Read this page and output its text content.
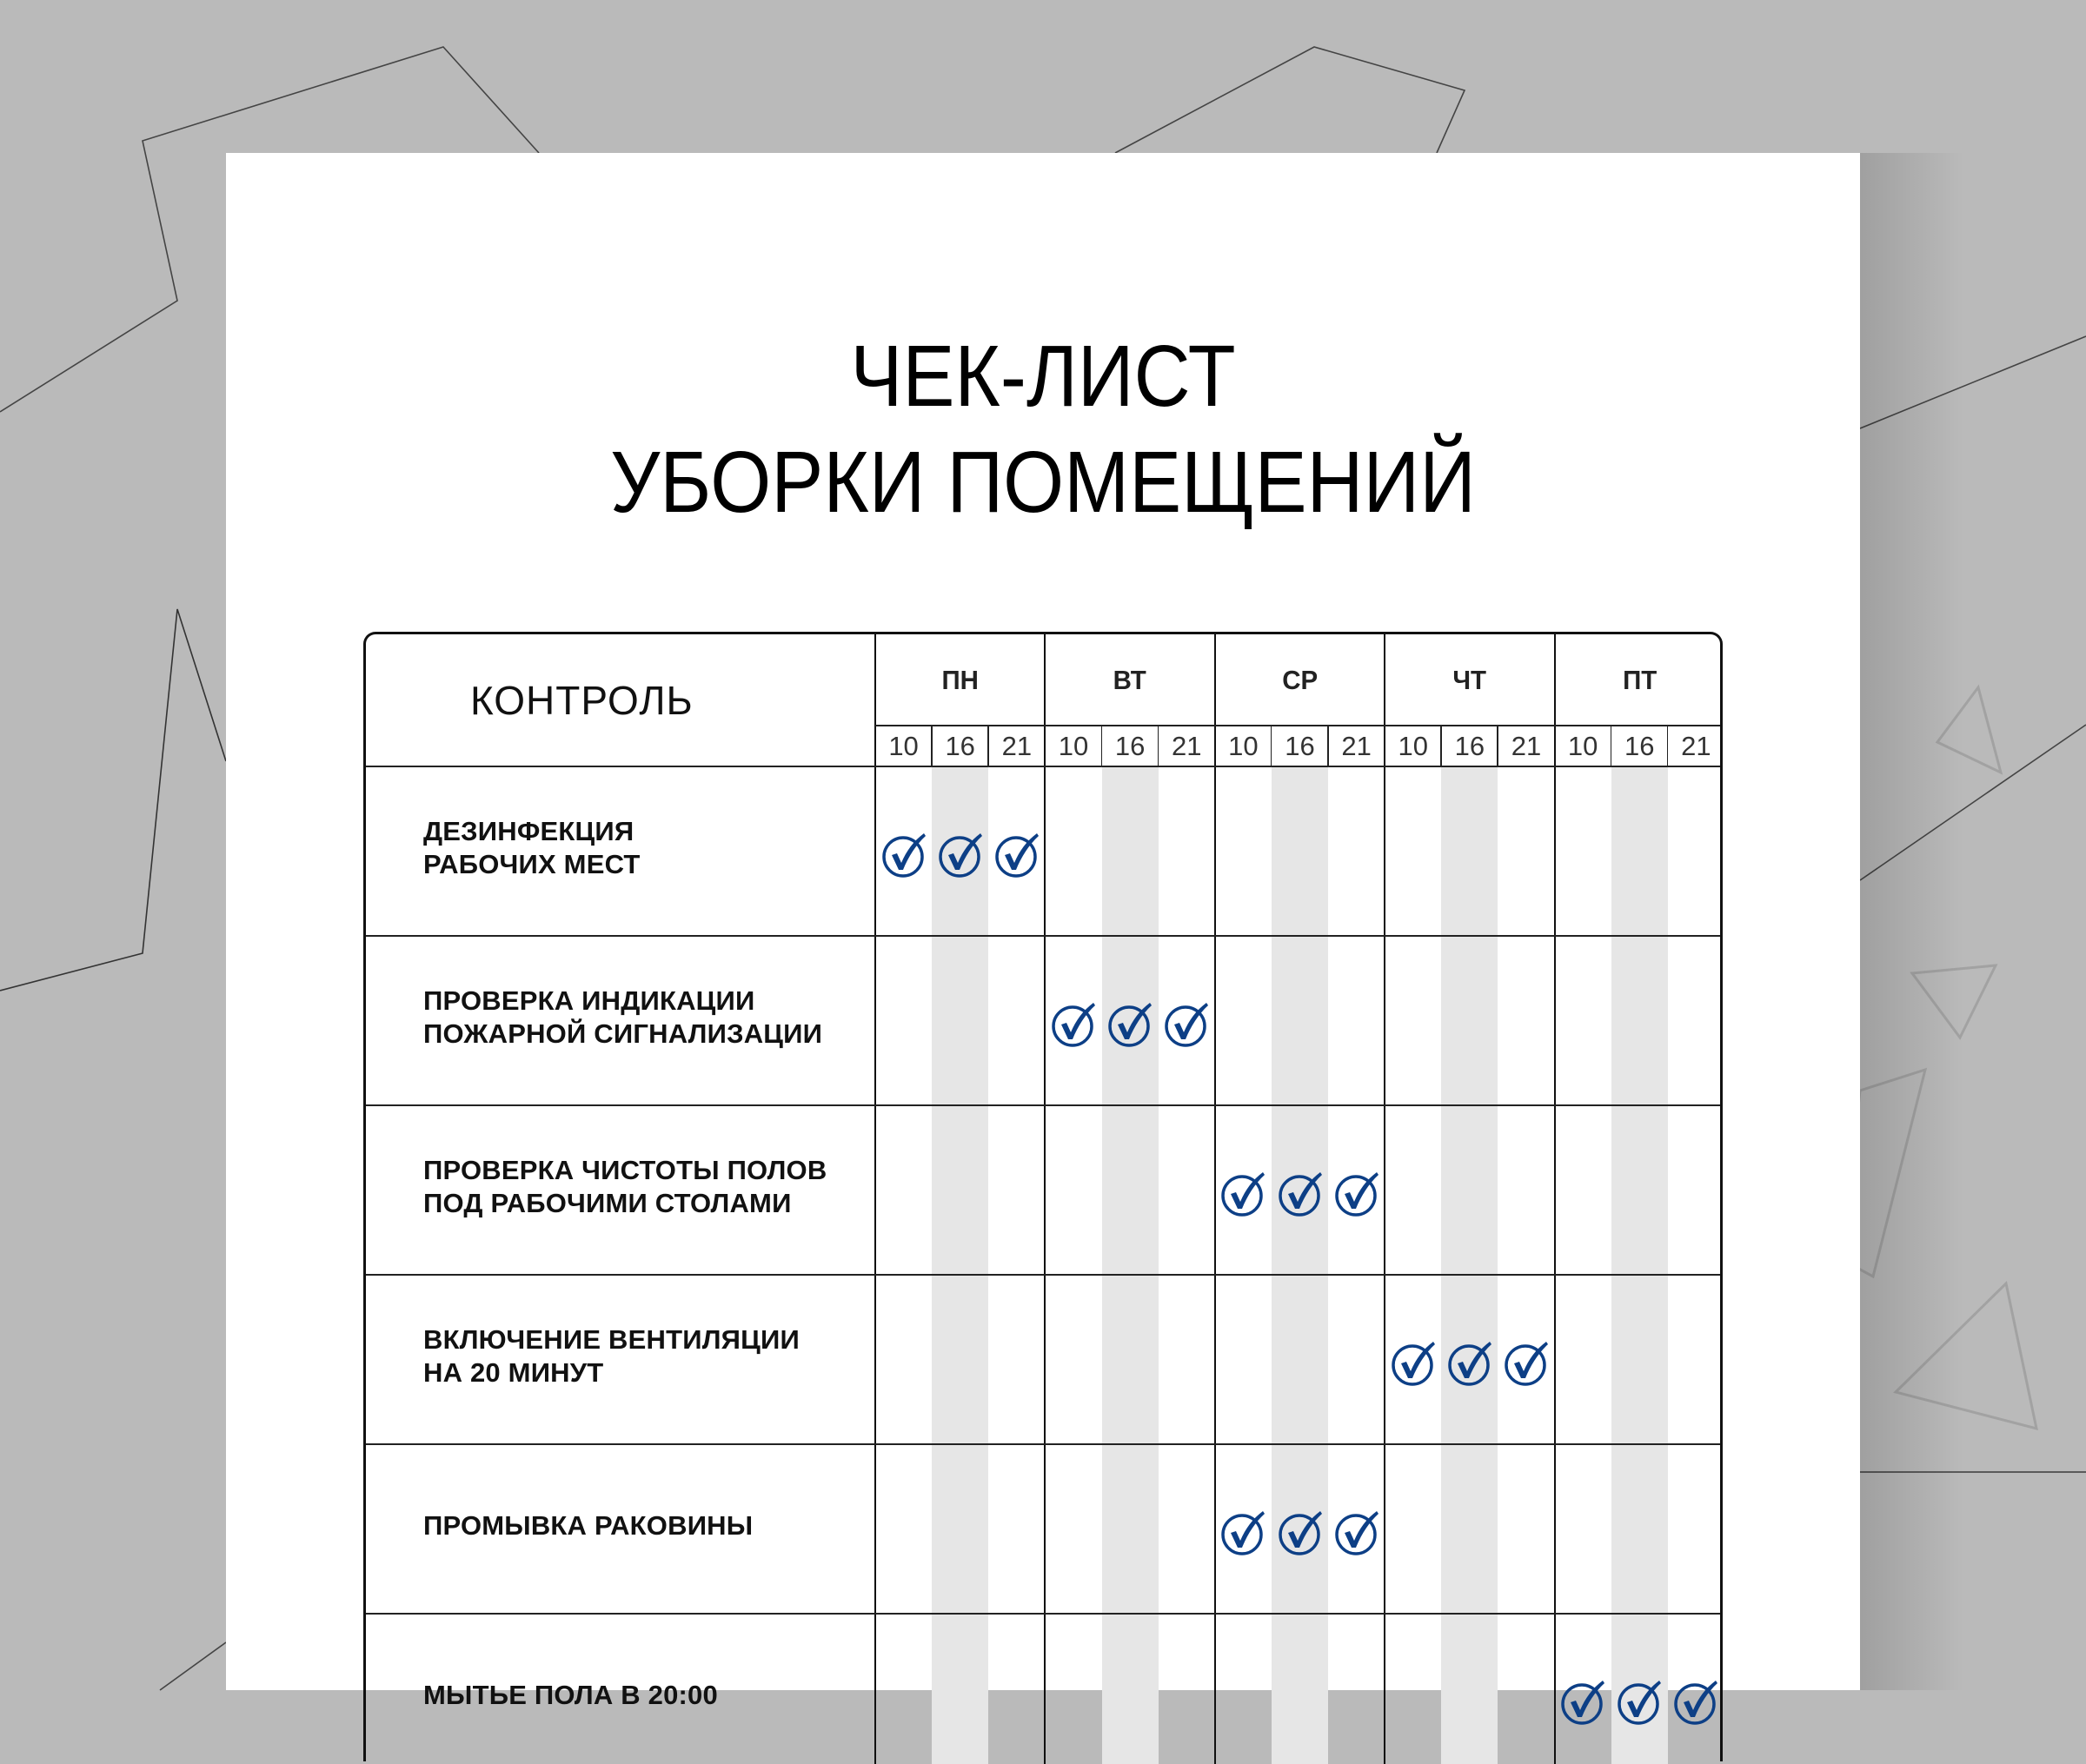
ЧЕК-ЛИСТ
УБОРКИ ПОМЕЩЕНИЙ
КОНТРОЛЬ	ПН
10 16 21
ВТ
10 16 21
СР
10 16 21
ЧТ
10 16 21
ПТ
10 16 21
ДЕЗИНФЕКЦИЯ
РАБОЧИХ МЕСТ
ПРОВЕРКА ИНДИКАЦИИ
ПОЖАРНОЙ СИГНАЛИЗАЦИИ
ПРОВЕРКА ЧИСТОТЫ ПОЛОВ
ПОД РАБОЧИМИ СТОЛАМИ
ВКЛЮЧЕНИЕ ВЕНТИЛЯЦИИ
НА 20 МИНУТ
ПРОМЫВКА РАКОВИНЫ
МЫТЬЕ ПОЛА В 20:00
